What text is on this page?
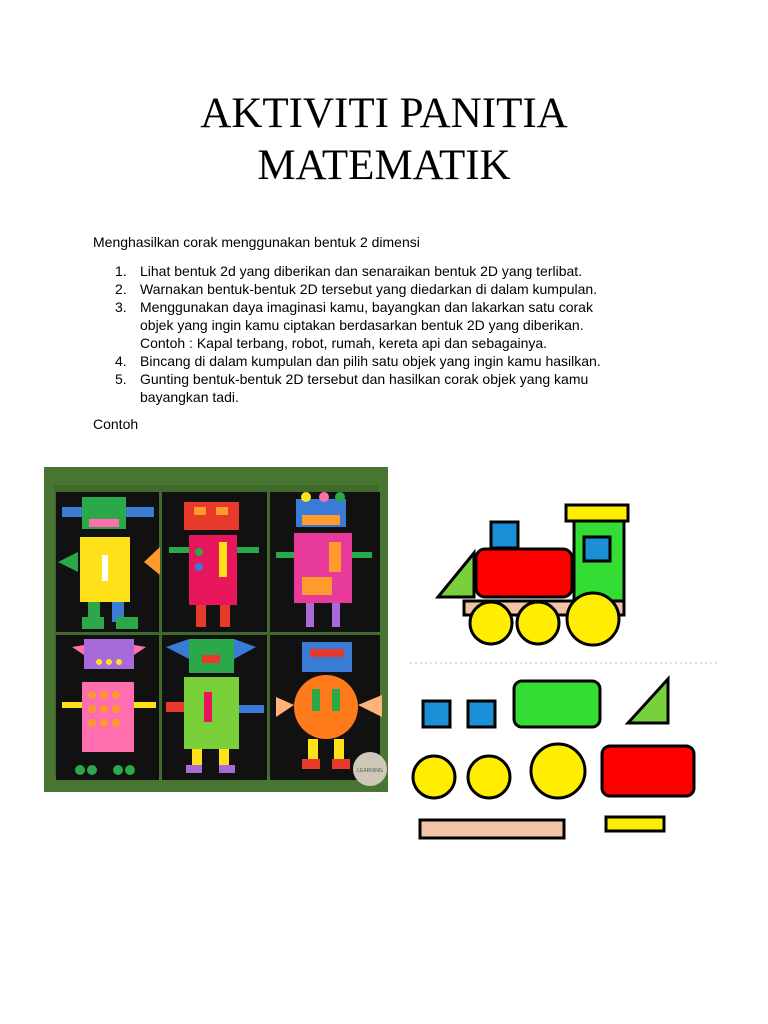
AKTIVITI PANITIA
MATEMATIK
Menghasilkan corak menggunakan bentuk 2 dimensi
1. Lihat bentuk 2d yang diberikan dan senaraikan bentuk 2D yang terlibat.
2. Warnakan bentuk-bentuk 2D tersebut yang diedarkan di dalam kumpulan.
3. Menggunakan daya imaginasi kamu, bayangkan dan lakarkan satu corak
objek yang ingin kamu ciptakan berdasarkan bentuk 2D yang diberikan.
Contoh : Kapal terbang, robot, rumah, kereta api dan sebagainya.
4. Bincang di dalam kumpulan dan pilih satu objek yang ingin kamu hasilkan.
5. Gunting bentuk-bentuk 2D tersebut dan hasilkan corak objek yang kamu
bayangkan tadi.
Contoh
LEARNING
